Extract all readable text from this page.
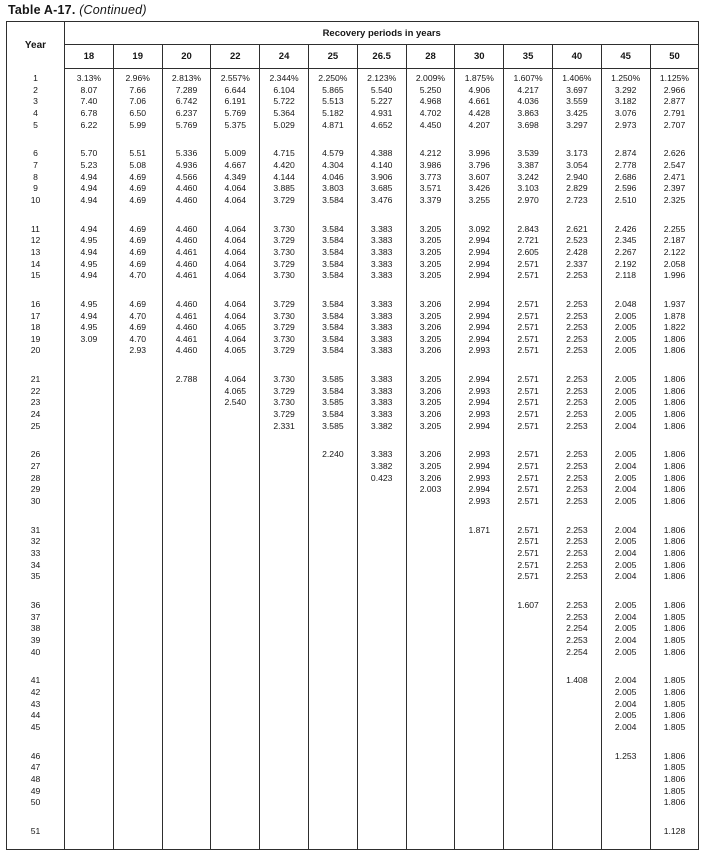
Table A-17. (Continued)
Year	Recovery periods in years												
	18	19	20	22	24	25	26.5	28	30	35	40	45	50

1	3.13%	2.96%	2.813%	2.557%	2.344%	2.250%	2.123%	2.009%	1.875%	1.607%	1.406%	1.250%	1.125%
2	8.07	7.66	7.289	6.644	6.104	5.865	5.540	5.250	4.906	4.217	3.697	3.292	2.966
3	7.40	7.06	6.742	6.191	5.722	5.513	5.227	4.968	4.661	4.036	3.559	3.182	2.877
4	6.78	6.50	6.237	5.769	5.364	5.182	4.931	4.702	4.428	3.863	3.425	3.076	2.791
5	6.22	5.99	5.769	5.375	5.029	4.871	4.652	4.450	4.207	3.698	3.297	2.973	2.707

6	5.70	5.51	5.336	5.009	4.715	4.579	4.388	4.212	3.996	3.539	3.173	2.874	2.626
7	5.23	5.08	4.936	4.667	4.420	4.304	4.140	3.986	3.796	3.387	3.054	2.778	2.547
8	4.94	4.69	4.566	4.349	4.144	4.046	3.906	3.773	3.607	3.242	2.940	2.686	2.471
9	4.94	4.69	4.460	4.064	3.885	3.803	3.685	3.571	3.426	3.103	2.829	2.596	2.397
10	4.94	4.69	4.460	4.064	3.729	3.584	3.476	3.379	3.255	2.970	2.723	2.510	2.325

11	4.94	4.69	4.460	4.064	3.730	3.584	3.383	3.205	3.092	2.843	2.621	2.426	2.255
12	4.95	4.69	4.460	4.064	3.729	3.584	3.383	3.205	2.994	2.721	2.523	2.345	2.187
13	4.94	4.69	4.461	4.064	3.730	3.584	3.383	3.205	2.994	2.605	2.428	2.267	2.122
14	4.95	4.69	4.460	4.064	3.729	3.584	3.383	3.205	2.994	2.571	2.337	2.192	2.058
15	4.94	4.70	4.461	4.064	3.730	3.584	3.383	3.205	2.994	2.571	2.253	2.118	1.996

16	4.95	4.69	4.460	4.064	3.729	3.584	3.383	3.206	2.994	2.571	2.253	2.048	1.937
17	4.94	4.70	4.461	4.064	3.730	3.584	3.383	3.205	2.994	2.571	2.253	2.005	1.878
18	4.95	4.69	4.460	4.065	3.729	3.584	3.383	3.206	2.994	2.571	2.253	2.005	1.822
19	3.09	4.70	4.461	4.064	3.730	3.584	3.383	3.205	2.994	2.571	2.253	2.005	1.806
20		2.93	4.460	4.065	3.729	3.584	3.383	3.206	2.993	2.571	2.253	2.005	1.806

21			2.788	4.064	3.730	3.585	3.383	3.205	2.994	2.571	2.253	2.005	1.806
22				4.065	3.729	3.584	3.383	3.206	2.993	2.571	2.253	2.005	1.806
23				2.540	3.730	3.585	3.383	3.205	2.994	2.571	2.253	2.005	1.806
24					3.729	3.584	3.383	3.206	2.993	2.571	2.253	2.005	1.806
25					2.331	3.585	3.382	3.205	2.994	2.571	2.253	2.004	1.806

26						2.240	3.383	3.206	2.993	2.571	2.253	2.005	1.806
27							3.382	3.205	2.994	2.571	2.253	2.004	1.806
28							0.423	3.206	2.993	2.571	2.253	2.005	1.806
29								2.003	2.994	2.571	2.253	2.004	1.806
30									2.993	2.571	2.253	2.005	1.806

31									1.871	2.571	2.253	2.004	1.806
32										2.571	2.253	2.005	1.806
33										2.571	2.253	2.004	1.806
34										2.571	2.253	2.005	1.806
35										2.571	2.253	2.004	1.806

36										1.607	2.253	2.005	1.806
37											2.253	2.004	1.805
38											2.254	2.005	1.806
39											2.253	2.004	1.805
40											2.254	2.005	1.806

41											1.408	2.004	1.805
42												2.005	1.806
43												2.004	1.805
44												2.005	1.806
45												2.004	1.805

46												1.253	1.806
47													1.805
48													1.806
49													1.805
50													1.806

51													1.128
